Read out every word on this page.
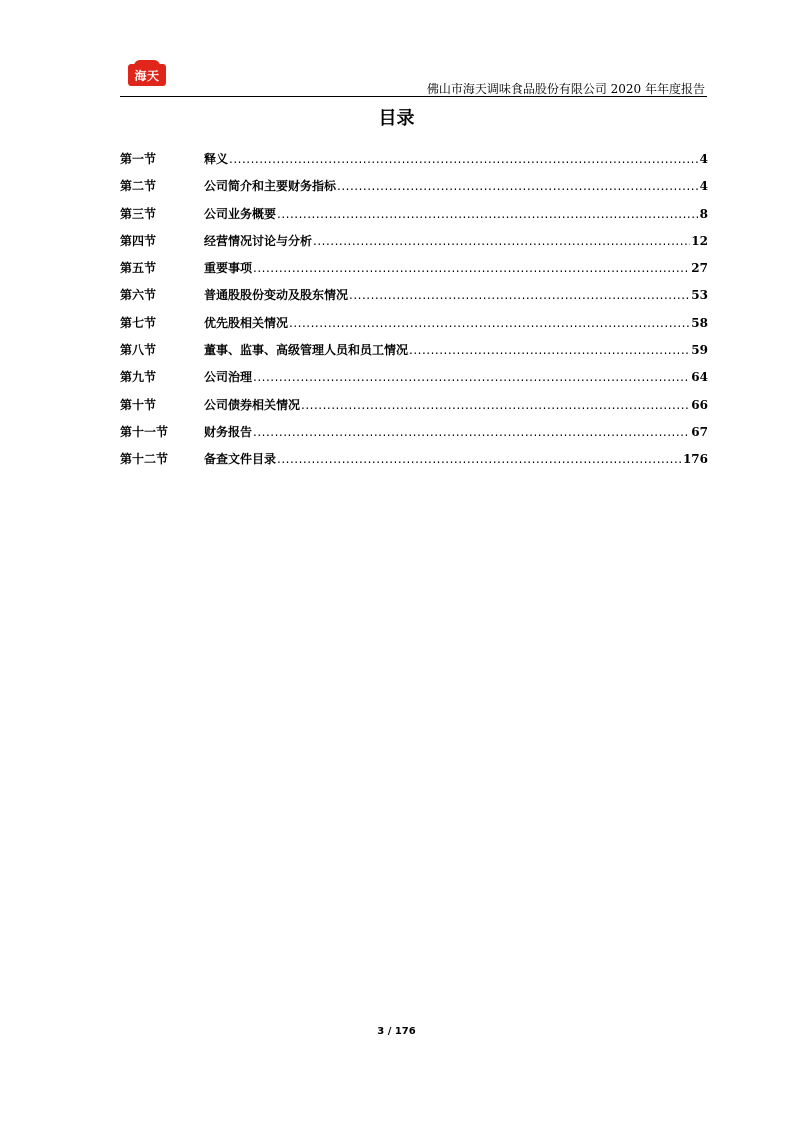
海天
佛山市海天调味食品股份有限公司 2020 年年度报告
目录
第一节	释义 .....	4
第二节	公司简介和主要财务指标 .....	4
第三节	公司业务概要 .....	8
第四节	经营情况讨论与分析 .....	12
第五节	重要事项 .....	27
第六节	普通股股份变动及股东情况 .....	53
第七节	优先股相关情况 .....	58
第八节	董事、监事、高级管理人员和员工情况 .....	59
第九节	公司治理 .....	64
第十节	公司债券相关情况 .....	66
第十一节	财务报告 .....	67
第十二节	备查文件目录 .....	176
3 / 176
